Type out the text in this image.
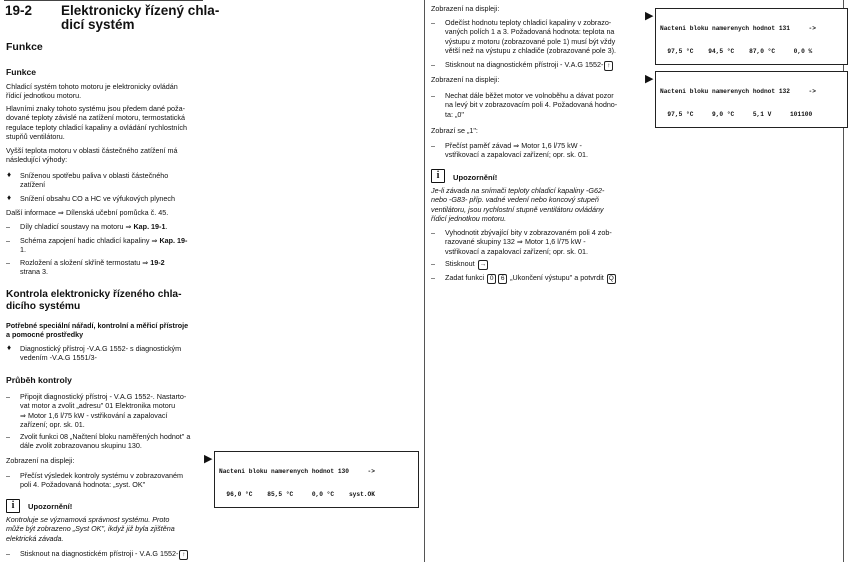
19-2 Elektronicky řízený chla-
dicí systém
Funkce
Funkce

Chladicí systém tohoto motoru je elektronicky ovládán

řídicí jednotkou motoru.

Hlavními znaky tohoto systému jsou předem dané poža-

dované teploty závislé na zatížení motoru, termostatická

regulace teploty chladicí kapaliny a ovládání rychlostních

stupňů ventilátoru.

Vyšší teplota motoru v oblasti částečného zatížení má

následující výhody:

♦ Sníženou spotřebu paliva v oblasti částečného

zatížení

♦ Snížení obsahu CO a HC ve výfukových plynech

Další informace ⇒ Dílenská učební pomůcka č. 45.

– Díly chladicí soustavy na motoru ⇒ Kap. 19-1.

– Schéma zapojení hadic chladicí kapaliny ⇒ Kap. 19-

1.

– Rozložení a složení skříně termostatu ⇒ 19-2

strana 3.

Kontrola elektronicky řízeného chla-
dicího systému

Potřebné speciální nářadí, kontrolní a měřicí přístroje

a pomocné prostředky

♦ Diagnostický přístroj -V.A.G 1552- s diagnostickým

vedením -V.A.G 1551/3-

Průběh kontroly
– Připojit diagnostický přístroj - V.A.G 1552-. Nastarto-

vat motor a zvolit „adresu" 01 Elektronika motoru

⇒ Motor 1,6 l/75 kW - vstřikování a zapalovací

zařízení; opr. sk. 01.

– Zvolit funkci 08 „Načtení bloku naměřených hodnot" a

dále zvolit zobrazovanou skupinu 130.

Zobrazení na displeji:

– Přečíst výsledek kontroly systému v zobrazovaném

poli 4. Požadovaná hodnota: „syst. OK"

i	Upozornění!

Kontroluje se významová správnost systému. Proto

může být zobrazeno „Syst OK", ikdyž již byla zjištěna

elektrická závada.

– Stisknout na diagnostickém přístroji - V.A.G 1552- ↑

▶

Nacteni bloku namerenych hodnot 130     ->

96,0 °C    85,5 °C     0,0 °C    syst.OK

Zobrazení na displeji:

– Odečíst hodnotu teploty chladicí kapaliny v zobrazo-

vaných polích 1 a 3. Požadovaná hodnota: teplota na

výstupu z motoru (zobrazované pole 1) musí být vždy

větší než na výstupu z chladiče (zobrazované pole 3).

– Stisknout na diagnostickém přístroji - V.A.G 1552- ↑

Zobrazení na displeji:

– Nechat dále běžet motor ve volnoběhu a dávat pozor

na levý bit v zobrazovacím poli 4. Požadovaná hodno-

ta: „0"

Zobrazí se „1":

– Přečíst paměť závad ⇒ Motor 1,6 l/75 kW -

vstřikovací a zapalovací zařízení; opr. sk. 01.

i	Upozornění!

Je-li závada na snímači teploty chladicí kapaliny -G62-

nebo -G83- příp. vadné vedení nebo koncový stupeň

ventilátoru, jsou rychlostní stupně ventilátoru ovládány

řídicí jednotkou motoru.

– Vyhodnotit zbývající bity v zobrazovaném poli 4 zob-

razované skupiny 132 ⇒ Motor 1,6 l/75 kW -

vstřikovací a zapalovací zařízení; opr. sk. 01.

– Stisknout →

– Zadat funkci 0 6 „Ukončení výstupu" a potvrdit Q

▶

Nacteni bloku namerenych hodnot 131     ->

97,5 °C    94,5 °C    87,0 °C     0,0 %

▶

Nacteni bloku namerenych hodnot 132     ->

97,5 °C     9,0 °C     5,1 V     101100
